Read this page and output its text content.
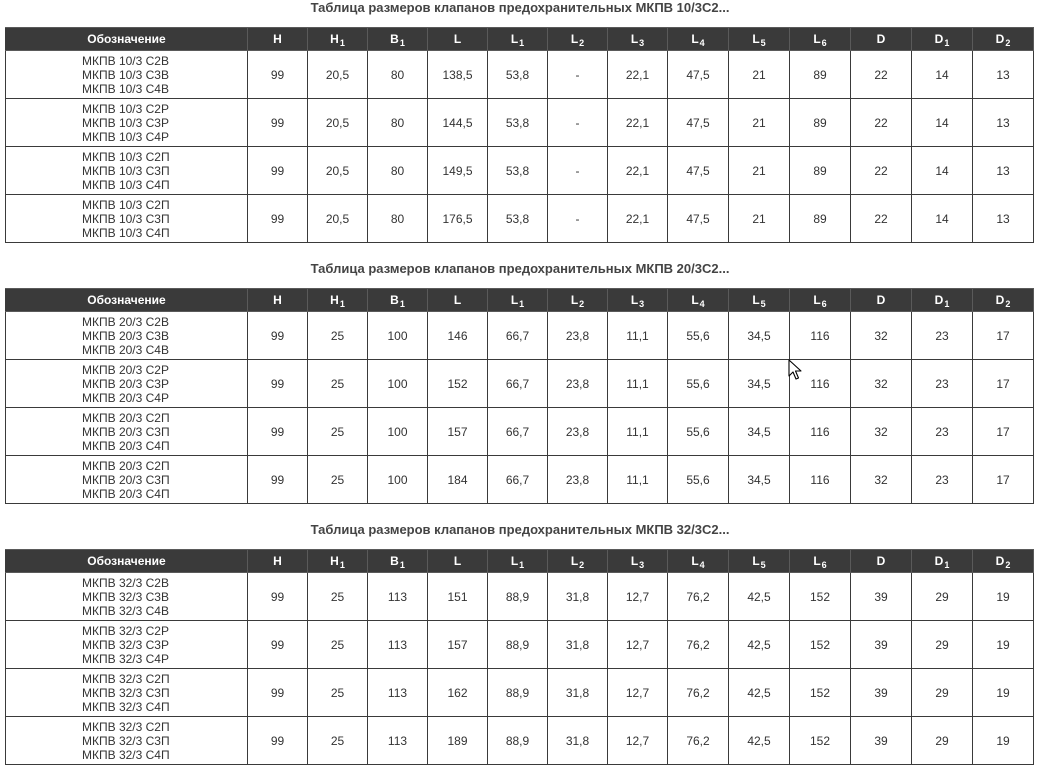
Таблица размеров клапанов предохранительных МКПВ 10/3С2...
Обозначение	H	$H_1$	$B_1$	L	$L_1$	$L_2$	$L_3$	$L_4$	$L_5$	$L_6$	D	$D_1$	$D_2$

МКПВ 10/3 С2В
МКПВ 10/3 С3В
МКПВ 10/3 С4В	99	20,5	80	138,5	53,8	-	22,1	47,5	21	89	22	14	13

МКПВ 10/3 С2Р
МКПВ 10/3 С3Р
МКПВ 10/3 С4Р	99	20,5	80	144,5	53,8	-	22,1	47,5	21	89	22	14	13

МКПВ 10/3 С2П
МКПВ 10/3 С3П
МКПВ 10/3 С4П	99	20,5	80	149,5	53,8	-	22,1	47,5	21	89	22	14	13

МКПВ 10/3 С2П
МКПВ 10/3 С3П
МКПВ 10/3 С4П	99	20,5	80	176,5	53,8	-	22,1	47,5	21	89	22	14	13
Таблица размеров клапанов предохранительных МКПВ 20/3С2...
Обозначение	H	$H_1$	$B_1$	L	$L_1$	$L_2$	$L_3$	$L_4$	$L_5$	$L_6$	D	$D_1$	$D_2$

МКПВ 20/3 С2В
МКПВ 20/3 С3В
МКПВ 20/3 С4В	99	25	100	146	66,7	23,8	11,1	55,6	34,5	116	32	23	17

МКПВ 20/3 С2Р
МКПВ 20/3 С3Р
МКПВ 20/3 С4Р	99	25	100	152	66,7	23,8	11,1	55,6	34,5	116	32	23	17

МКПВ 20/3 С2П
МКПВ 20/3 С3П
МКПВ 20/3 С4П	99	25	100	157	66,7	23,8	11,1	55,6	34,5	116	32	23	17

МКПВ 20/3 С2П
МКПВ 20/3 С3П
МКПВ 20/3 С4П	99	25	100	184	66,7	23,8	11,1	55,6	34,5	116	32	23	17
Таблица размеров клапанов предохранительных МКПВ 32/3С2...
Обозначение	H	$H_1$	$B_1$	L	$L_1$	$L_2$	$L_3$	$L_4$	$L_5$	$L_6$	D	$D_1$	$D_2$

МКПВ 32/3 С2В
МКПВ 32/3 С3В
МКПВ 32/3 С4В	99	25	113	151	88,9	31,8	12,7	76,2	42,5	152	39	29	19

МКПВ 32/3 С2Р
МКПВ 32/3 С3Р
МКПВ 32/3 С4Р	99	25	113	157	88,9	31,8	12,7	76,2	42,5	152	39	29	19

МКПВ 32/3 С2П
МКПВ 32/3 С3П
МКПВ 32/3 С4П	99	25	113	162	88,9	31,8	12,7	76,2	42,5	152	39	29	19

МКПВ 32/3 С2П
МКПВ 32/3 С3П
МКПВ 32/3 С4П	99	25	113	189	88,9	31,8	12,7	76,2	42,5	152	39	29	19
